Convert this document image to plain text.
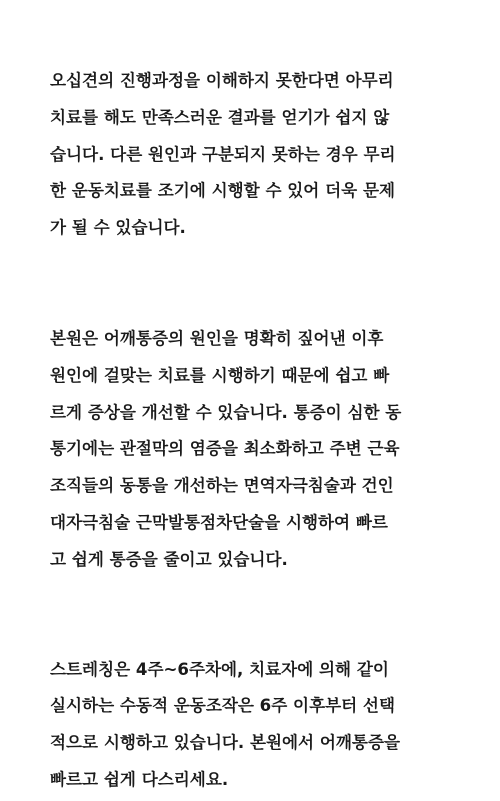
오십견의 진행과정을 이해하지 못한다면 아무리
치료를 해도 만족스러운 결과를 얻기가 쉽지 않
습니다. 다른 원인과 구분되지 못하는 경우 무리
한 운동치료를 조기에 시행할 수 있어 더욱 문제
가 될 수 있습니다.
본원은 어깨통증의 원인을 명확히 짚어낸 이후
원인에 걸맞는 치료를 시행하기 때문에 쉽고 빠
르게 증상을 개선할 수 있습니다. 통증이 심한 동
통기에는 관절막의 염증을 최소화하고 주변 근육
조직들의 동통을 개선하는 면역자극침술과 건인
대자극침술 근막발통점차단술을 시행하여 빠르
고 쉽게 통증을 줄이고 있습니다.
스트레칭은 4주~6주차에, 치료자에 의해 같이
실시하는 수동적 운동조작은 6주 이후부터 선택
적으로 시행하고 있습니다. 본원에서 어깨통증을
빠르고 쉽게 다스리세요.
